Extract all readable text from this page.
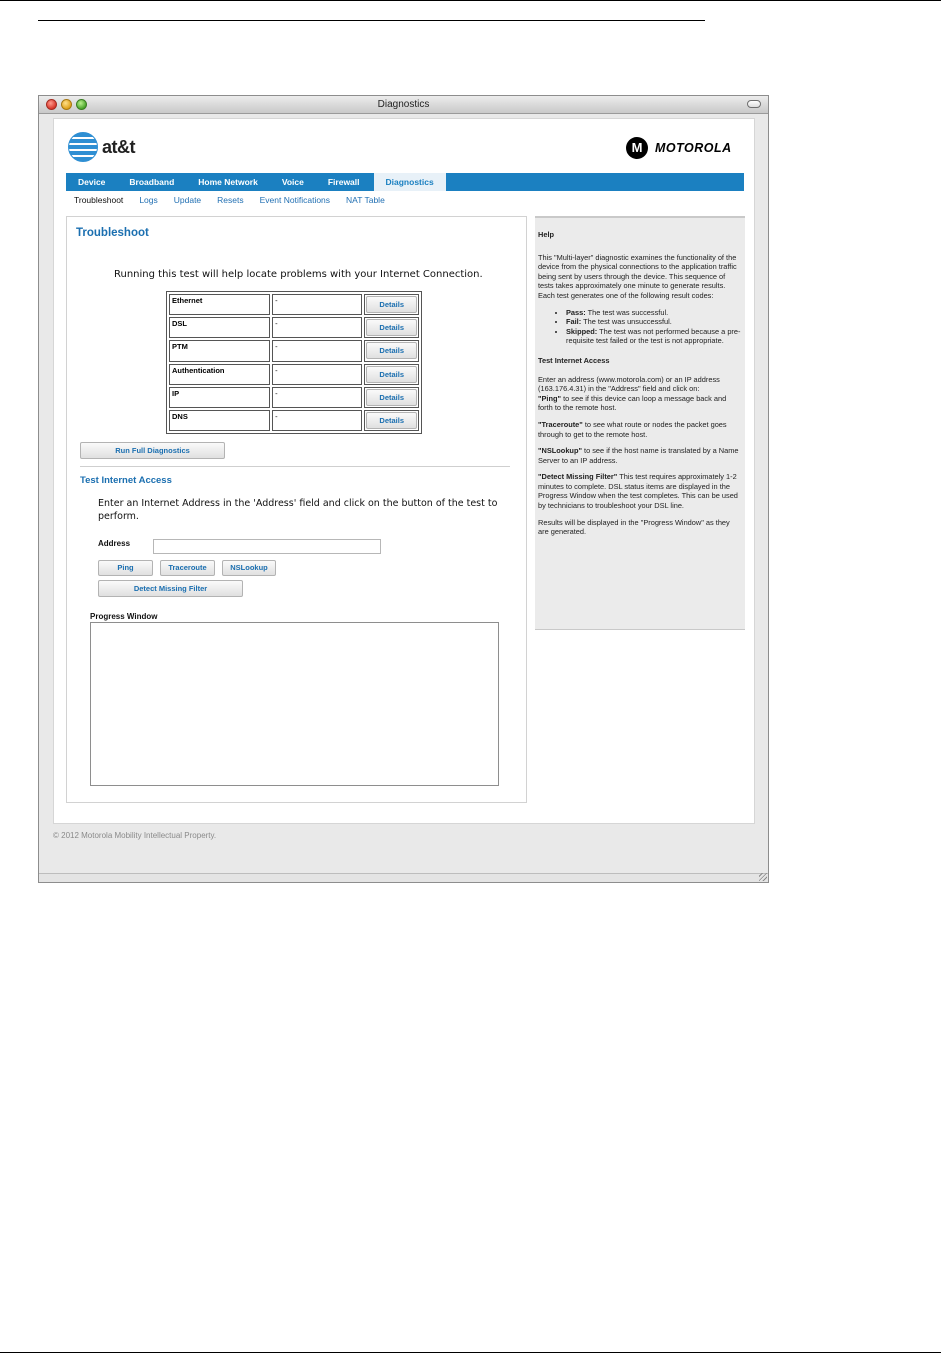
Diagnostics
at&t	M	MOTOROLA
Device	Broadband	Home Network	Voice	Firewall	Diagnostics
Troubleshoot	Logs	Update	Resets	Event Notifications	NAT Table
Troubleshoot
Running this test will help locate problems with your Internet Connection.
Ethernet	-	Details
DSL	-	Details
PTM	-	Details
Authentication	-	Details
IP	-	Details
DNS	-	Details
Run Full Diagnostics
Test Internet Access
Enter an Internet Address in the 'Address' field and click on the button of the test to perform.
Address
Ping	Traceroute	NSLookup
Detect Missing Filter
Progress Window

Help

This "Multi-layer" diagnostic examines the functionality of the device from the physical connections to the application traffic being sent by users through the device. This sequence of tests takes approximately one minute to generate results. Each test generates one of the following result codes:

• Pass: The test was successful.
• Fail: The test was unsuccessful.
• Skipped: The test was not performed because a pre-requisite test failed or the test is not appropriate.

Test Internet Access

Enter an address (www.motorola.com) or an IP address (163.176.4.31) in the "Address" field and click on:
"Ping" to see if this device can loop a message back and forth to the remote host.

"Traceroute" to see what route or nodes the packet goes through to get to the remote host.

"NSLookup" to see if the host name is translated by a Name Server to an IP address.

"Detect Missing Filter" This test requires approximately 1-2 minutes to complete. DSL status items are displayed in the Progress Window when the test completes. This can be used by technicians to troubleshoot your DSL line.

Results will be displayed in the "Progress Window" as they are generated.

© 2012 Motorola Mobility Intellectual Property.
